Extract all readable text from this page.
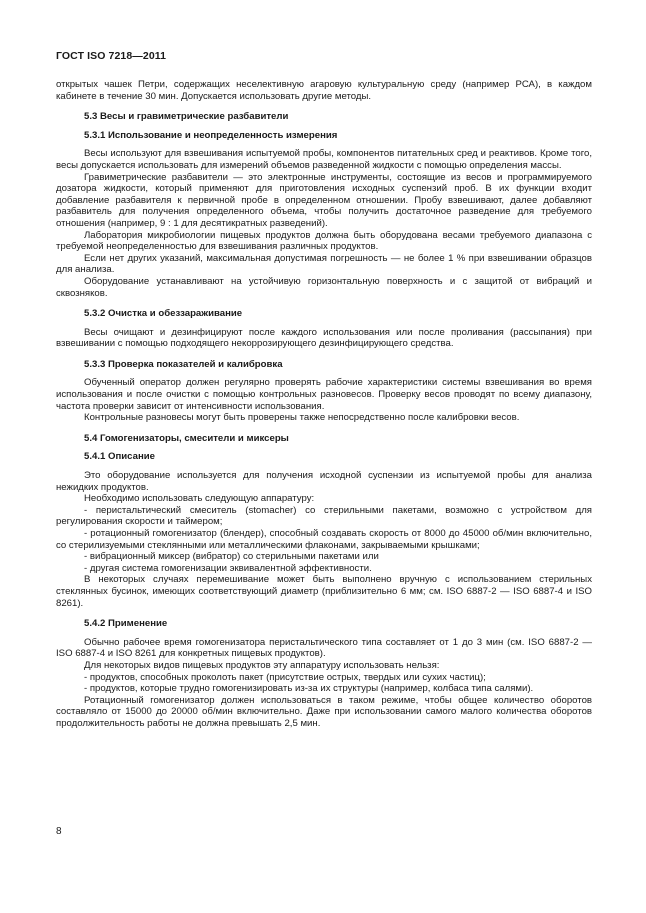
ГОСТ ISO 7218—2011

открытых чашек Петри, содержащих неселективную агаровую культуральную среду (например РСА), в каждом кабинете в течение 30 мин. Допускается использовать другие методы.

5.3 Весы и гравиметрические разбавители
5.3.1 Использование и неопределенность измерения

Весы используют для взвешивания испытуемой пробы, компонентов питательных сред и реактивов. Кроме того, весы допускается использовать для измерений объемов разведенной жидкости с помощью определения массы.

Гравиметрические разбавители — это электронные инструменты, состоящие из весов и программируемого дозатора жидкости, который применяют для приготовления исходных суспензий проб. В их функции входит добавление разбавителя к первичной пробе в определенном отношении. Пробу взвешивают, далее добавляют разбавитель для получения определенного объема, чтобы получить достаточное разведение для требуемого отношения (например, 9 : 1 для десятикратных разведений).

Лаборатория микробиологии пищевых продуктов должна быть оборудована весами требуемого диапазона с требуемой неопределенностью для взвешивания различных продуктов.

Если нет других указаний, максимальная допустимая погрешность — не более 1 % при взвешивании образцов для анализа.

Оборудование устанавливают на устойчивую горизонтальную поверхность и с защитой от вибраций и сквозняков.

5.3.2 Очистка и обеззараживание

Весы очищают и дезинфицируют после каждого использования или после проливания (рассыпания) при взвешивании с помощью подходящего некоррозирующего дезинфицирующего средства.

5.3.3 Проверка показателей и калибровка

Обученный оператор должен регулярно проверять рабочие характеристики системы взвешивания во время использования и после очистки с помощью контрольных разновесов. Проверку весов проводят по всему диапазону, частота проверки зависит от интенсивности использования.

Контрольные разновесы могут быть проверены также непосредственно после калибровки весов.

5.4 Гомогенизаторы, смесители и миксеры
5.4.1 Описание

Это оборудование используется для получения исходной суспензии из испытуемой пробы для анализа нежидких продуктов.

Необходимо использовать следующую аппаратуру:

- перистальтический смеситель (stomacher) со стерильными пакетами, возможно с устройством для регулирования скорости и таймером;

- ротационный гомогенизатор (блендер), способный создавать скорость от 8000 до 45000 об/мин включительно, со стерилизуемыми стеклянными или металлическими флаконами, закрываемыми крышками;

- вибрационный миксер (вибратор) со стерильными пакетами или

- другая система гомогенизации эквивалентной эффективности.

В некоторых случаях перемешивание может быть выполнено вручную с использованием стерильных стеклянных бусинок, имеющих соответствующий диаметр (приблизительно 6 мм; см. ISO 6887-2 — ISO 6887-4 и ISO 8261).

5.4.2 Применение

Обычно рабочее время гомогенизатора перистальтического типа составляет от 1 до 3 мин (см. ISO 6887-2 — ISO 6887-4 и ISO 8261 для конкретных пищевых продуктов).

Для некоторых видов пищевых продуктов эту аппаратуру использовать нельзя:

- продуктов, способных проколоть пакет (присутствие острых, твердых или сухих частиц);

- продуктов, которые трудно гомогенизировать из-за их структуры (например, колбаса типа салями).

Ротационный гомогенизатор должен использоваться в таком режиме, чтобы общее количество оборотов составляло от 15000 до 20000 об/мин включительно. Даже при использовании самого малого количества оборотов продолжительность работы не должна превышать 2,5 мин.

8
